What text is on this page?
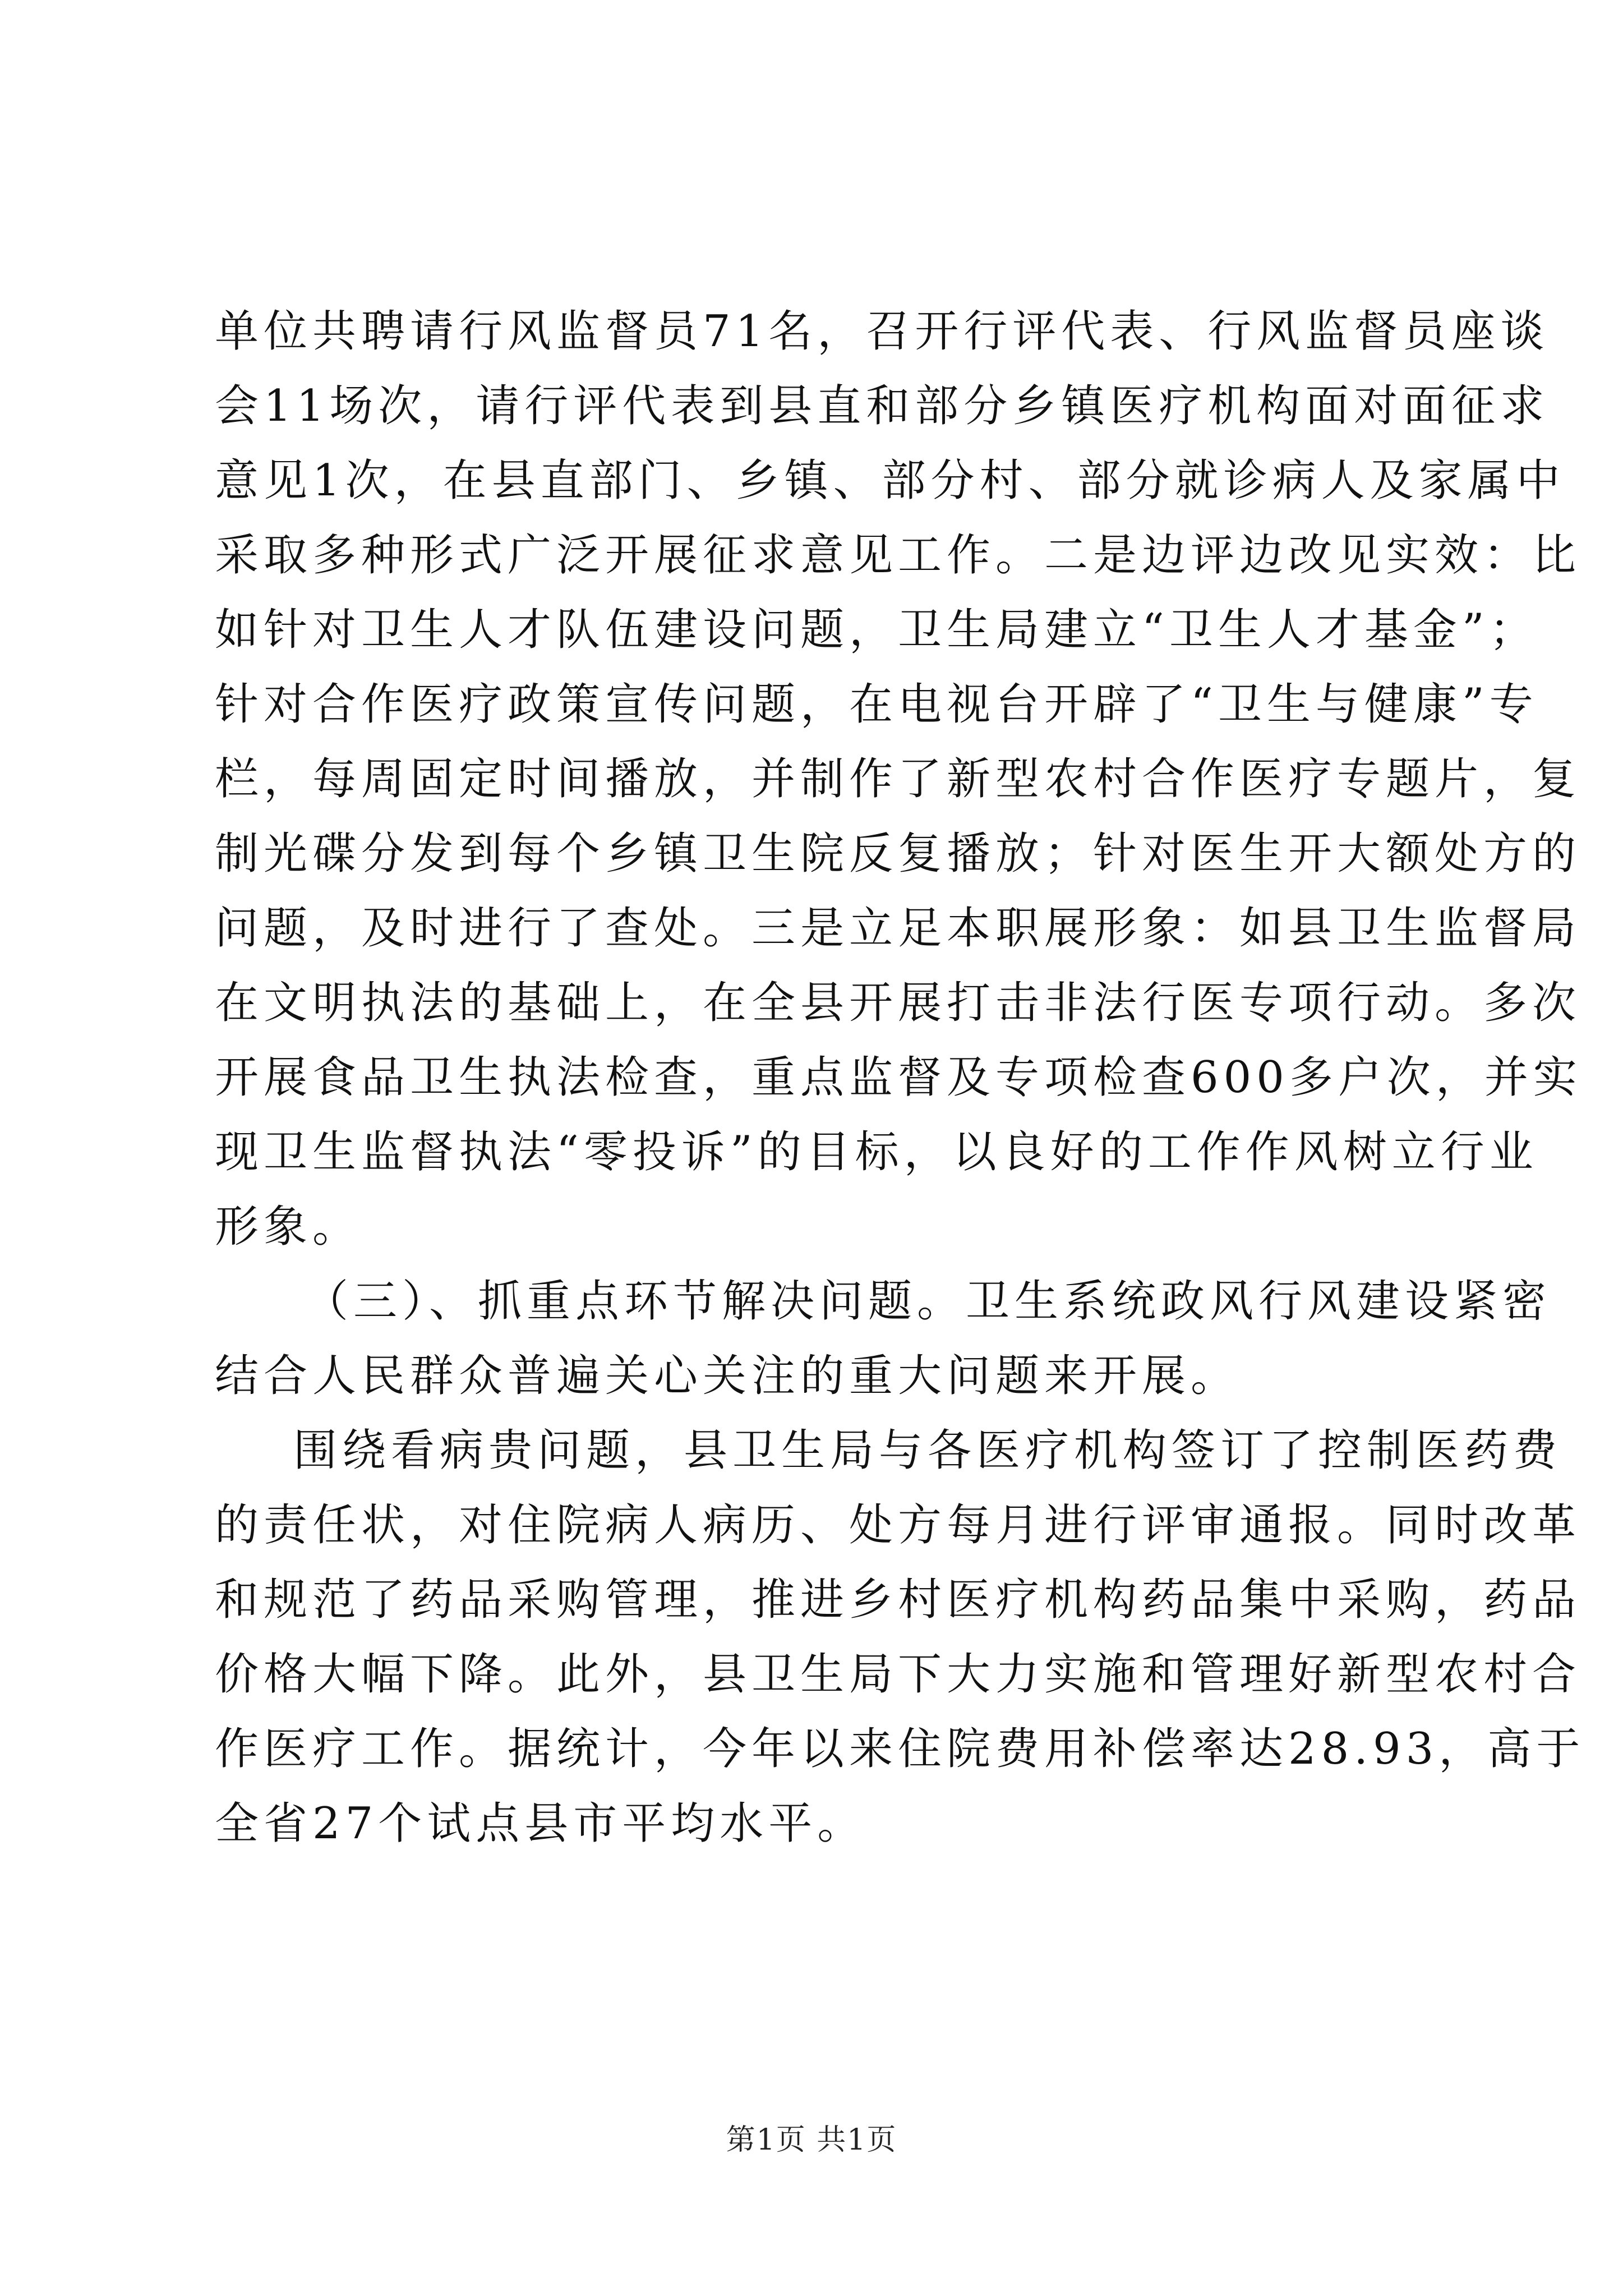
单位共聘请行风监督员71名，召开行评代表、行风监督员座谈

会11场次，请行评代表到县直和部分乡镇医疗机构面对面征求

意见1次，在县直部门、乡镇、部分村、部分就诊病人及家属中

采取多种形式广泛开展征求意见工作。二是边评边改见实效：比

如针对卫生人才队伍建设问题，卫生局建立“卫生人才基金”；

针对合作医疗政策宣传问题，在电视台开辟了“卫生与健康”专

栏，每周固定时间播放，并制作了新型农村合作医疗专题片，复

制光碟分发到每个乡镇卫生院反复播放；针对医生开大额处方的

问题，及时进行了查处。三是立足本职展形象：如县卫生监督局

在文明执法的基础上，在全县开展打击非法行医专项行动。多次

开展食品卫生执法检查，重点监督及专项检查600多户次，并实

现卫生监督执法“零投诉”的目标，以良好的工作作风树立行业

形象。

（三）、抓重点环节解决问题。卫生系统政风行风建设紧密

结合人民群众普遍关心关注的重大问题来开展。

围绕看病贵问题，县卫生局与各医疗机构签订了控制医药费

的责任状，对住院病人病历、处方每月进行评审通报。同时改革

和规范了药品采购管理，推进乡村医疗机构药品集中采购，药品

价格大幅下降。此外，县卫生局下大力实施和管理好新型农村合

作医疗工作。据统计，今年以来住院费用补偿率达28.93，高于

全省27个试点县市平均水平。

第1页 共1页
